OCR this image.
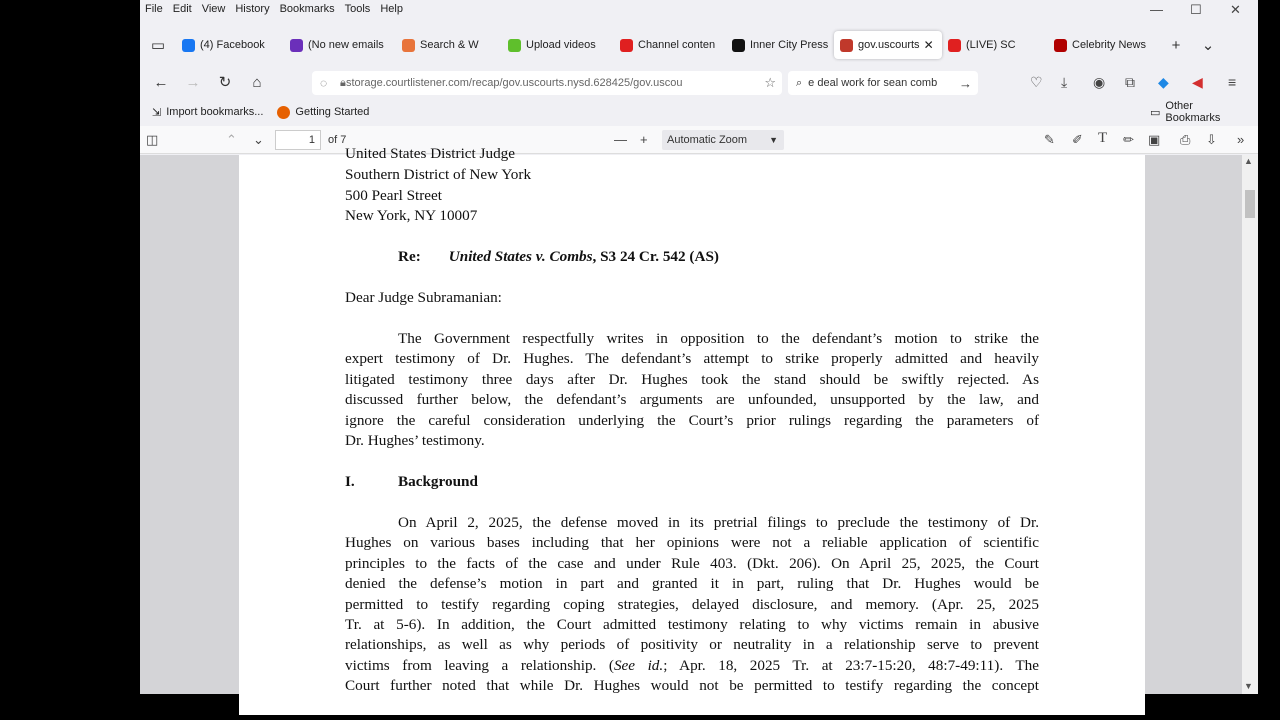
File Edit View History Bookmarks Tools Help	— ☐ ✕
▭	(4) Facebook	(No new emails	Search & W	Upload videos	Channel conten	Inner City Press	gov.uscourts ✕	(LIVE) SC	Celebrity News	+	⌄
←	→	↻	⌂	◌ 🔒︎ storage.courtlistener.com/recap/gov.uscourts.nysd.628425/gov.uscou	☆ ⌕ e deal work for sean comb →	♡ ⤓ ◉ ⧉ ◆ ◀ ≡
⇲ Import bookmarks...	Getting Started	▭
Other Bookmarks
◫	⌃ ⌄	1	of 7	— +	Automatic Zoom ▼	✎ ✐ T ✏ ▣ ⎙ ⇩ »
United States District Judge
Southern District of New York
500 Pearl Street
New York, NY 10007
Re: United States v. Combs, S3 24 Cr. 542 (AS)
Dear Judge Subramanian:
The Government respectfully writes in opposition to the defendant’s motion to strike the
expert testimony of Dr. Hughes. The defendant’s attempt to strike properly admitted and heavily
litigated testimony three days after Dr. Hughes took the stand should be swiftly rejected. As
discussed further below, the defendant’s arguments are unfounded, unsupported by the law, and
ignore the careful consideration underlying the Court’s prior rulings regarding the parameters of
Dr. Hughes’ testimony.
I.	Background
On April 2, 2025, the defense moved in its pretrial filings to preclude the testimony of Dr.
Hughes on various bases including that her opinions were not a reliable application of scientific
principles to the facts of the case and under Rule 403. (Dkt. 206). On April 25, 2025, the Court
denied the defense’s motion in part and granted it in part, ruling that Dr. Hughes would be
permitted to testify regarding coping strategies, delayed disclosure, and memory. (Apr. 25, 2025
Tr. at 5-6). In addition, the Court admitted testimony relating to why victims remain in abusive
relationships, as well as why periods of positivity or neutrality in a relationship serve to prevent
victims from leaving a relationship. (See id.; Apr. 18, 2025 Tr. at 23:7-15:20, 48:7-49:11). The
Court further noted that while Dr. Hughes would not be permitted to testify regarding the concept
▲
▼
